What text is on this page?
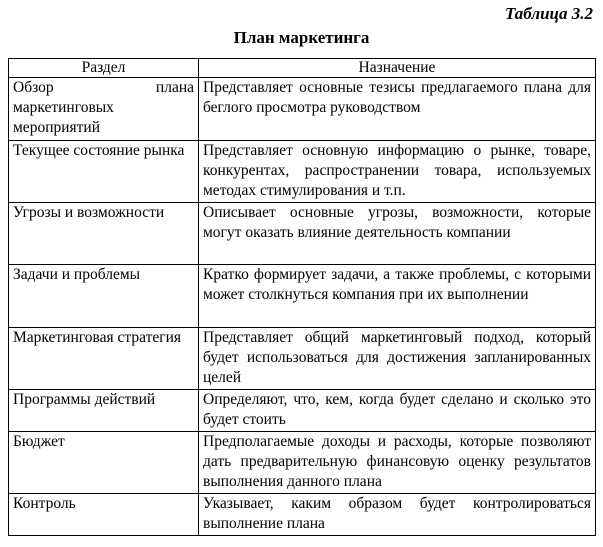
Таблица 3.2

План маркетинга

Раздел	Назначение
Обзор плана маркетинговых мероприятий	Представляет основные тезисы предлагаемого плана для беглого просмотра руководством
Текущее состояние рынка	Представляет основную информацию о рынке, товаре, конкурентах, распространении товара, используемых методах стимулирования и т.п.
Угрозы и возможности	Описывает основные угрозы, возможности, которые могут оказать влияние деятельность компании
Задачи и проблемы	Кратко формирует задачи, а также проблемы, с которыми может столкнуться компания при их выполнении
Маркетинговая стратегия	Представляет общий маркетинговый подход, который будет использоваться для достижения запланированных целей
Программы действий	Определяют, что, кем, когда будет сделано и сколько это будет стоить
Бюджет	Предполагаемые доходы и расходы, которые позволяют дать предварительную финансовую оценку результатов выполнения данного плана
Контроль	Указывает, каким образом будет контролироваться выполнение плана
